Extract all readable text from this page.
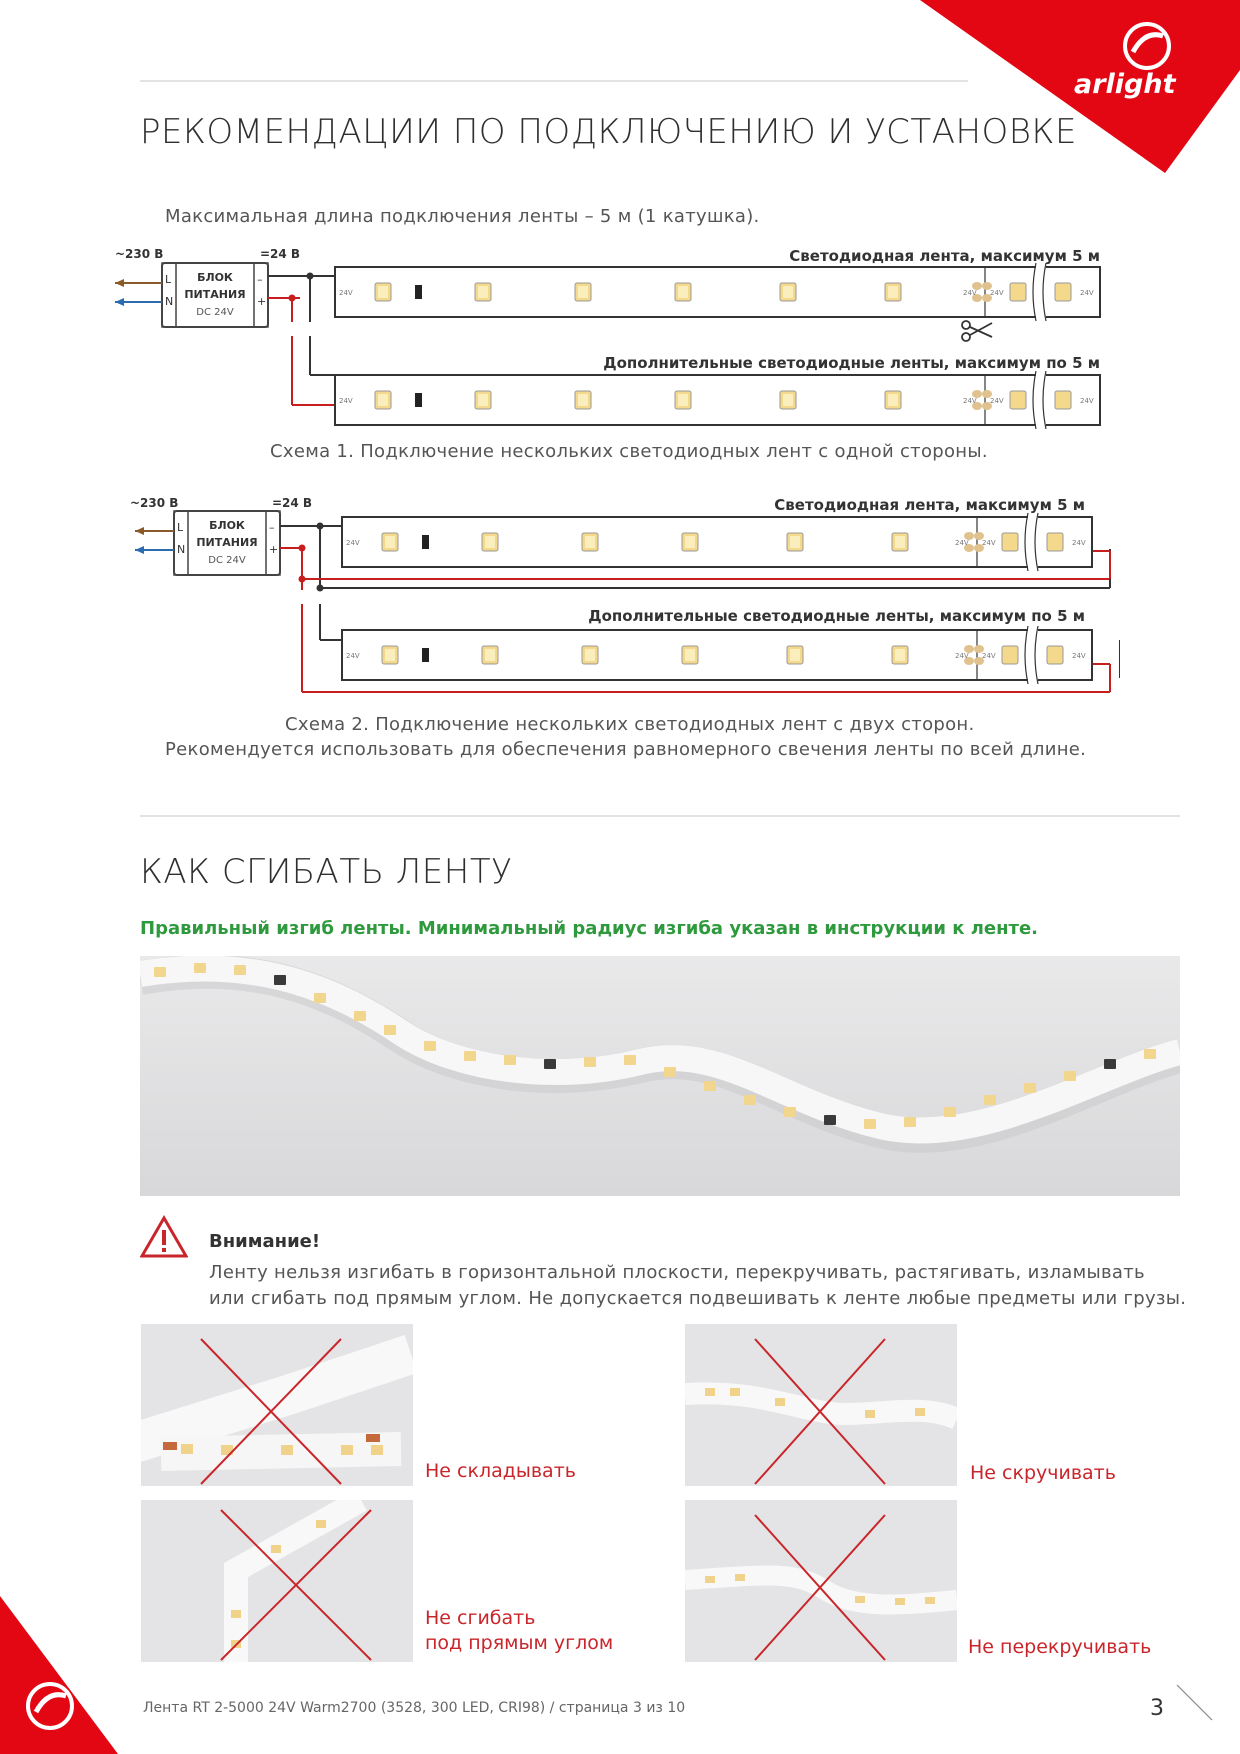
arlight
РЕКОМЕНДАЦИИ ПО ПОДКЛЮЧЕНИЮ И УСТАНОВКЕ
Максимальная длина подключения ленты – 5 м (1 катушка).
~230 В	=24 В
L
N
–
+
БЛОК
ПИТАНИЯ
DC 24V
Светодиодная лента, максимум 5 м
Дополнительные светодиодные ленты, максимум по 5 м
24V	24V 24V	24V
24V	24V 24V	24V
Схема 1. Подключение нескольких светодиодных лент с одной стороны.
~230 В	=24 В
L
N
–
+
БЛОК
ПИТАНИЯ
DC 24V
Светодиодная лента, максимум 5 м
Дополнительные светодиодные ленты, максимум по 5 м
24V	24V 24V	24V
24V	24V 24V	24V
Схема 2. Подключение нескольких светодиодных лент с двух сторон.
Рекомендуется использовать для обеспечения равномерного свечения ленты по всей длине.
КАК СГИБАТЬ ЛЕНТУ
Правильный изгиб ленты. Минимальный радиус изгиба указан в инструкции к ленте.
Внимание!
Ленту нельзя изгибать в горизонтальной плоскости, перекручивать, растягивать, изламывать
или сгибать под прямым углом. Не допускается подвешивать к ленте любые предметы или грузы.
Не складывать	Не скручивать
Не сгибать
под прямым углом	Не перекручивать
Лента RT 2-5000 24V Warm2700 (3528, 300 LED, CRI98) / страница 3 из 10	3
